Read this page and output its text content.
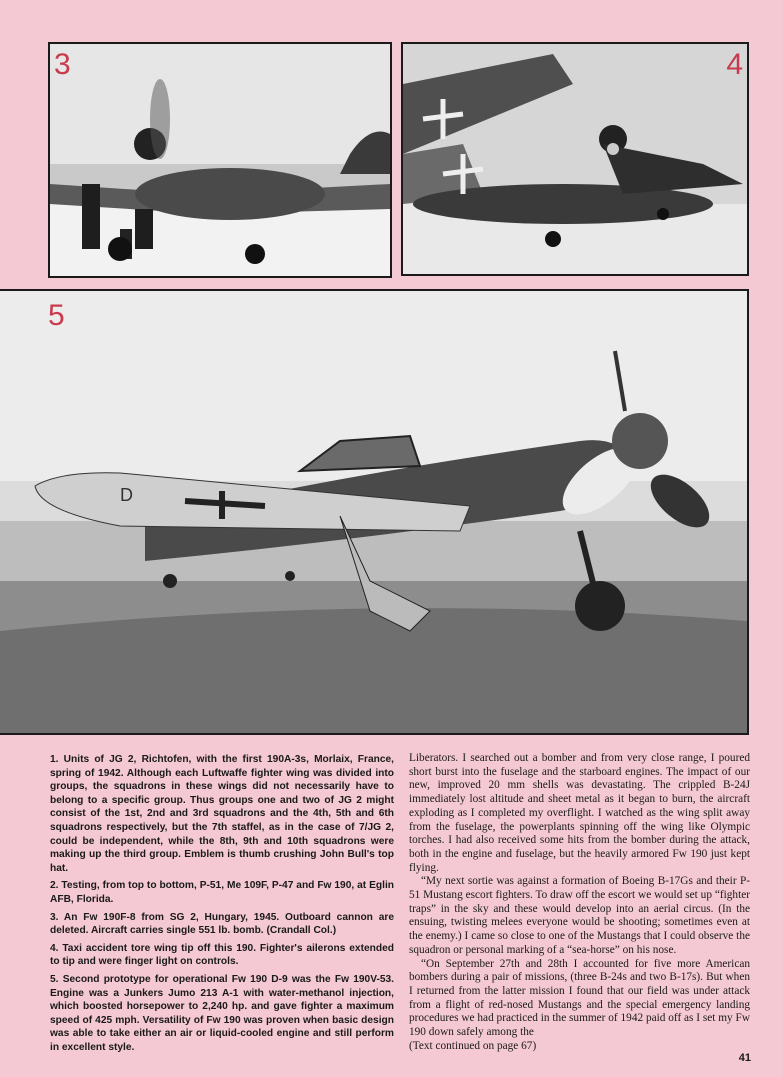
3	4
D
5

1. Units of JG 2, Richtofen, with the first 190A-3s, Morlaix, France, spring of 1942. Although each Luftwaffe fighter wing was divided into groups, the squadrons in these wings did not necessarily have to belong to a specific group. Thus groups one and two of JG 2 might consist of the 1st, 2nd and 3rd squadrons and the 4th, 5th and 6th squadrons respectively, but the 7th staffel, as in the case of 7/JG 2, could be independent, while the 8th, 9th and 10th squadrons were making up the third group. Emblem is thumb crushing John Bull's top hat.

2. Testing, from top to bottom, P-51, Me 109F, P-47 and Fw 190, at Eglin AFB, Florida.

3. An Fw 190F-8 from SG 2, Hungary, 1945. Outboard cannon are deleted. Aircraft carries single 551 lb. bomb. (Crandall Col.)

4. Taxi accident tore wing tip off this 190. Fighter's ailerons extended to tip and were finger light on controls.

5. Second prototype for operational Fw 190 D-9 was the Fw 190V-53. Engine was a Junkers Jumo 213 A-1 with water-methanol injection, which boosted horsepower to 2,240 hp. and gave fighter a maximum speed of 425 mph. Versatility of Fw 190 was proven when basic design was able to take either an air or liquid-cooled engine and still perform in excellent style.

Liberators. I searched out a bomber and from very close range, I poured short burst into the fuselage and the starboard engines. The impact of our new, improved 20 mm shells was devastating. The crippled B-24J immediately lost altitude and sheet metal as it began to burn, the aircraft exploding as I completed my overflight. I watched as the wing split away from the fuselage, the powerplants spinning off the wing like Olympic torches. I had also received some hits from the bomber during the attack, both in the engine and fuselage, but the heavily armored Fw 190 just kept flying.

“My next sortie was against a formation of Boeing B-17Gs and their P-51 Mustang escort fighters. To draw off the escort we would set up “fighter traps” in the sky and these would develop into an aerial circus. (In the ensuing, twisting melees everyone would be shooting; sometimes even at the enemy.) I came so close to one of the Mustangs that I could observe the squadron or personal marking of a “sea-horse” on his nose.

“On September 27th and 28th I accounted for five more American bombers during a pair of missions, (three B-24s and two B-17s). But when I returned from the latter mission I found that our field was under attack from a flight of red-nosed Mustangs and the special emergency landing procedures we had practiced in the summer of 1942 paid off as I set my Fw 190 down safely among the

(Text continued on page 67)

41
